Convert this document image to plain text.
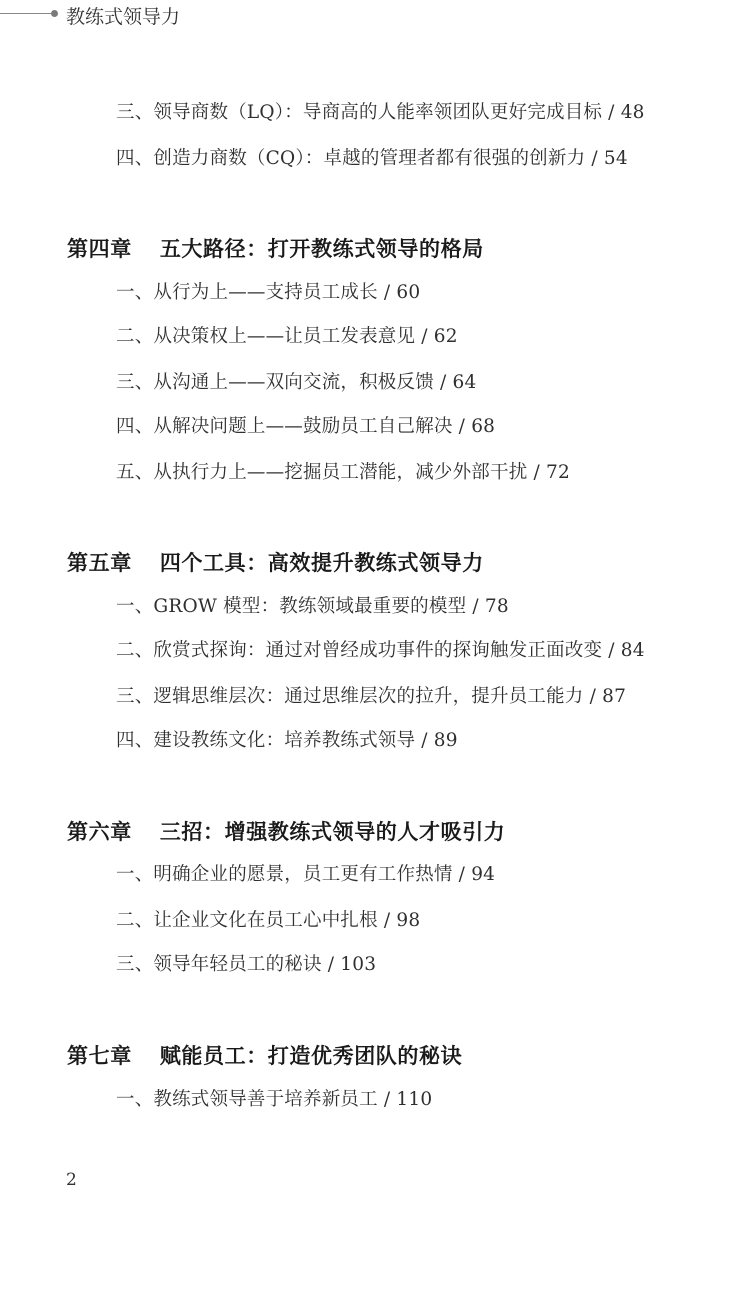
教练式领导力
三、领导商数（LQ）：导商高的人能率领团队更好完成目标 / 48
四、创造力商数（CQ）：卓越的管理者都有很强的创新力 / 54
第四章 五大路径：打开教练式领导的格局
一、从行为上——支持员工成长 / 60
二、从决策权上——让员工发表意见 / 62
三、从沟通上——双向交流，积极反馈 / 64
四、从解决问题上——鼓励员工自己解决 / 68
五、从执行力上——挖掘员工潜能，减少外部干扰 / 72
第五章 四个工具：高效提升教练式领导力
一、GROW 模型：教练领域最重要的模型 / 78
二、欣赏式探询：通过对曾经成功事件的探询触发正面改变 / 84
三、逻辑思维层次：通过思维层次的拉升，提升员工能力 / 87
四、建设教练文化：培养教练式领导 / 89
第六章 三招：增强教练式领导的人才吸引力
一、明确企业的愿景，员工更有工作热情 / 94
二、让企业文化在员工心中扎根 / 98
三、领导年轻员工的秘诀 / 103
第七章 赋能员工：打造优秀团队的秘诀
一、教练式领导善于培养新员工 / 110
2
